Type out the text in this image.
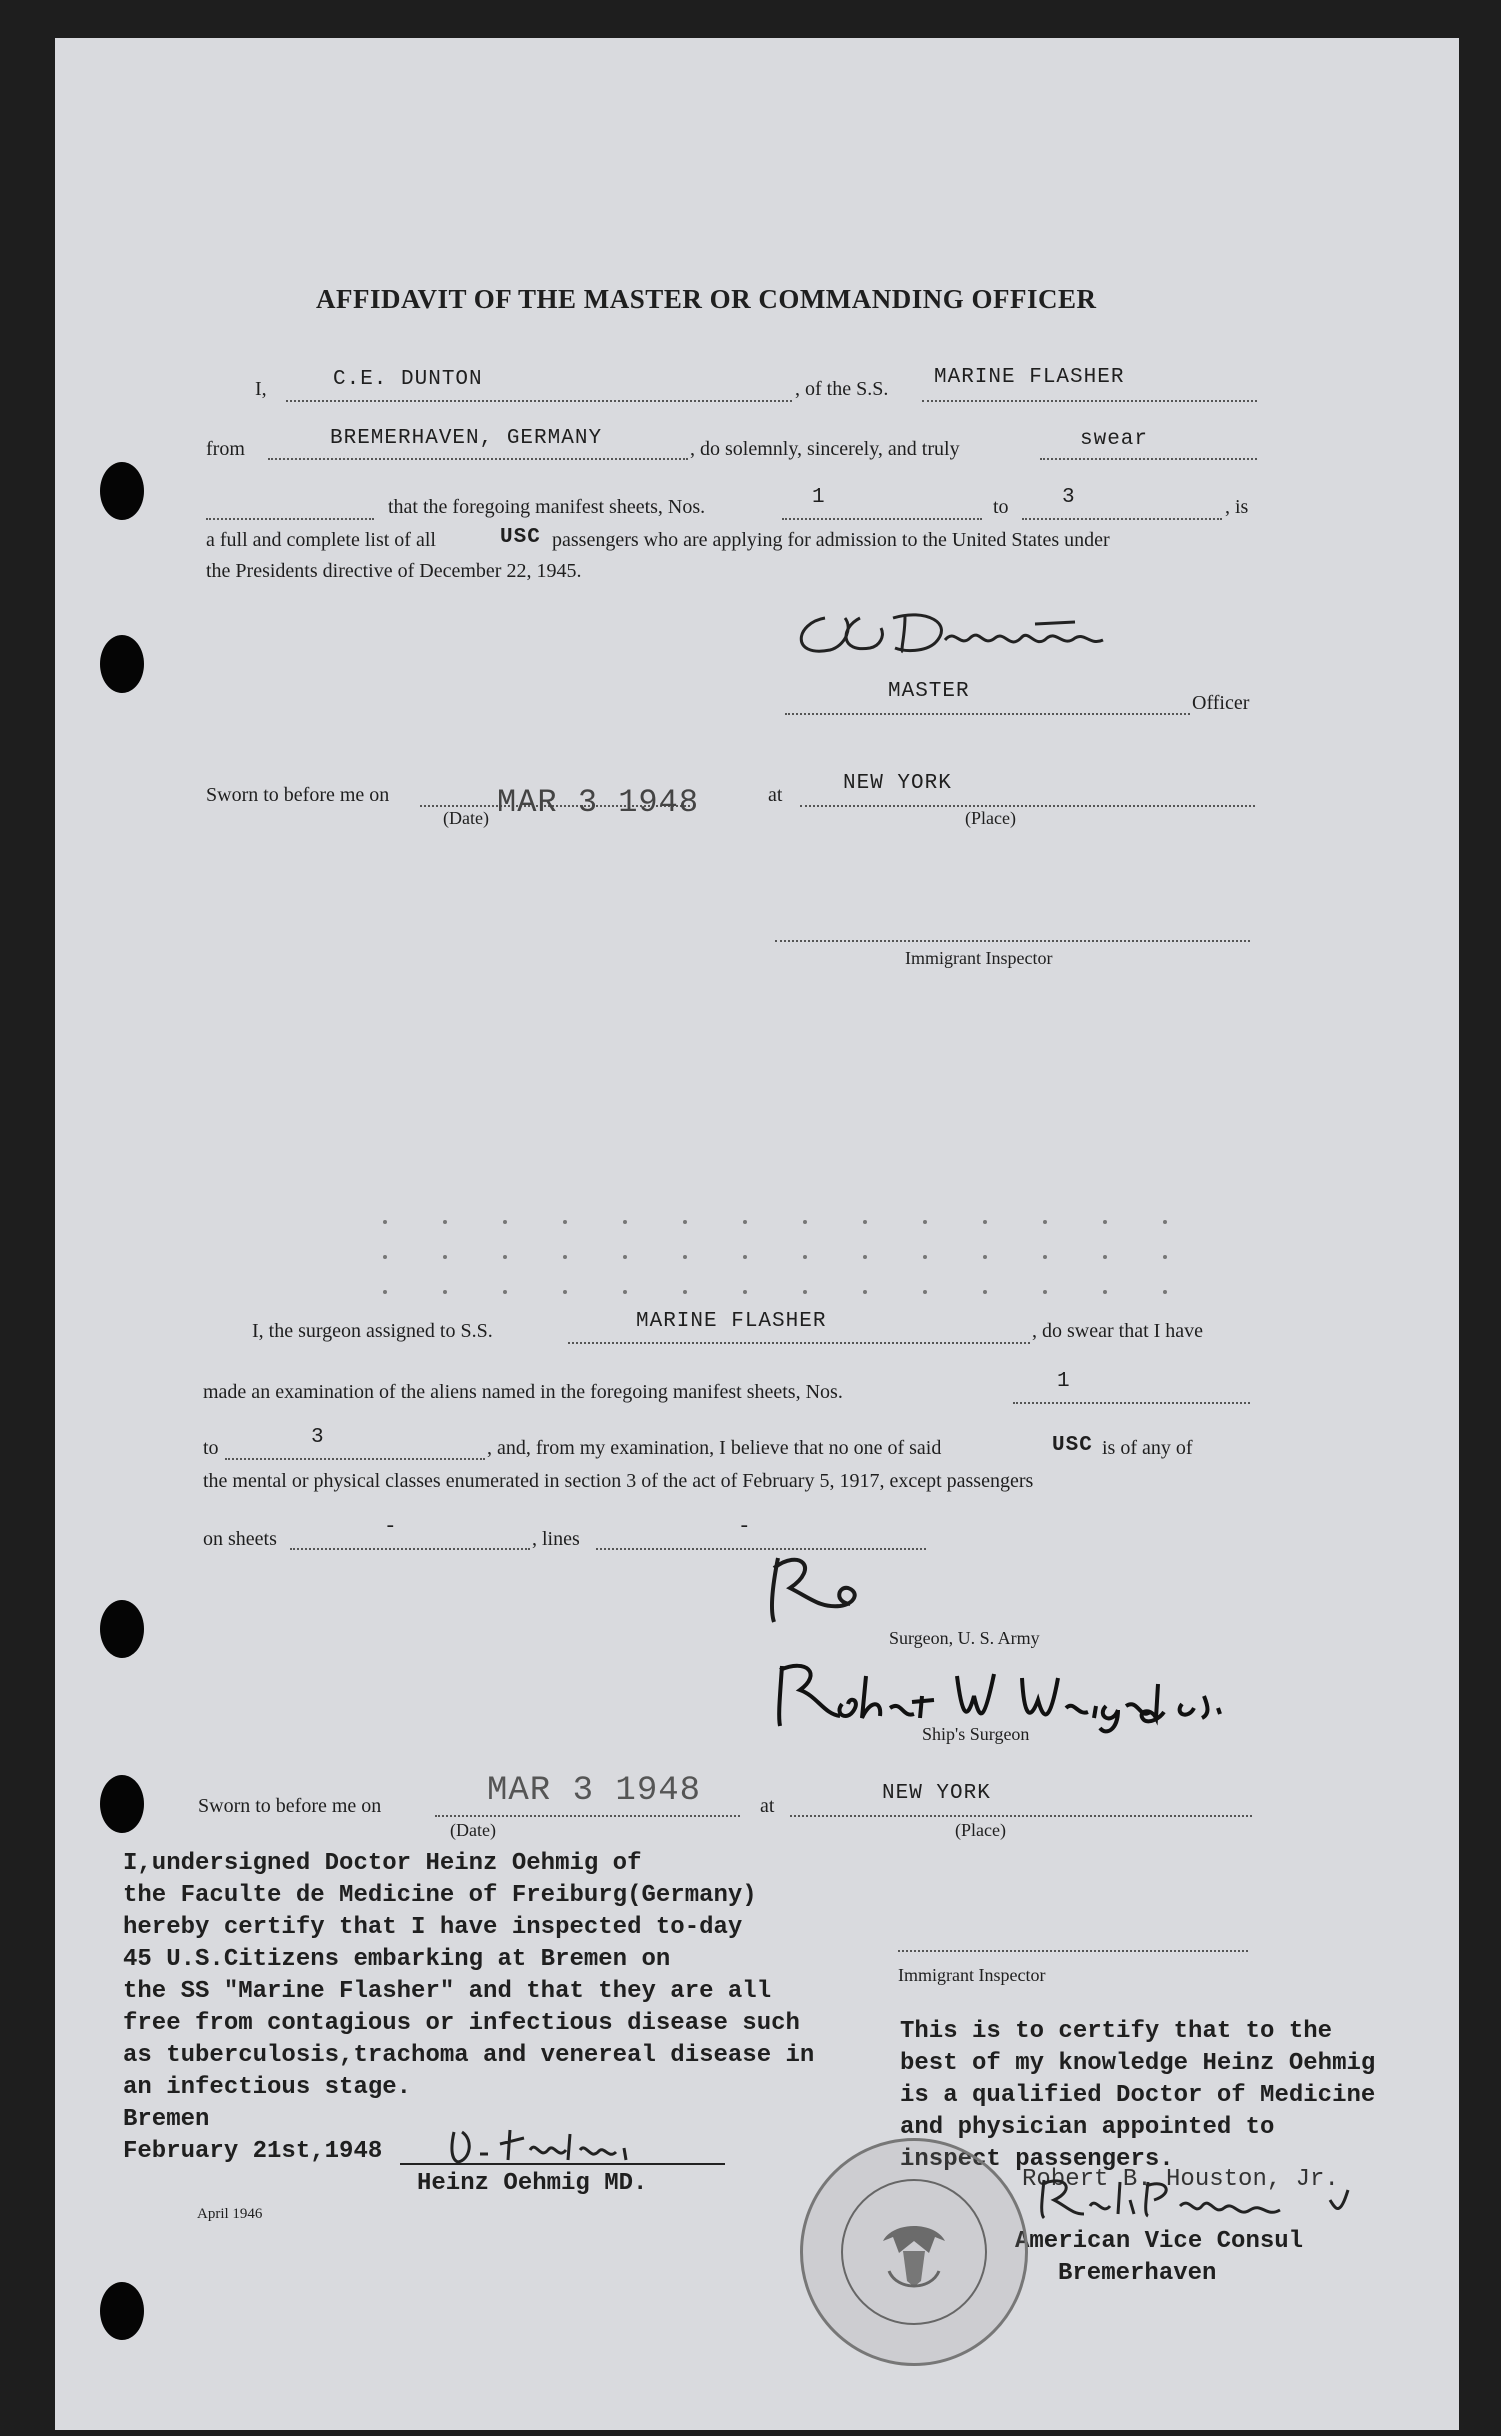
AFFIDAVIT OF THE MASTER OR COMMANDING OFFICER
I,	C.E. DUNTON	, of the S.S. MARINE FLASHER
from	BREMERHAVEN, GERMANY	, do solemnly, sincerely, and truly	swear
that the foregoing manifest sheets, Nos.	1	to	3	, is
a full and complete list of all	USC passengers who are applying for admission to the United States under
the Presidents directive of December 22, 1945.
MASTER	Officer
Sworn to before me on	MAR 3 1948
(Date)
at	NEW YORK
(Place)
Immigrant Inspector
I, the surgeon assigned to S.S.	MARINE FLASHER	, do swear that I have
made an examination of the aliens named in the foregoing manifest sheets, Nos.	1
to	3	, and, from my examination, I believe that no one of said	USC is of any of
the mental or physical classes enumerated in section 3 of the act of February 5, 1917, except passengers
on sheets	-	, lines	-
Surgeon, U. S. Army
Ship's Surgeon
Sworn to before me on	MAR 3 1948
(Date)
at
NEW YORK
(Place)
Immigrant Inspector
I,undersigned Doctor Heinz Oehmig of
the Faculte de Medicine of Freiburg(Germany)
hereby certify that I have inspected to-day
45 U.S.Citizens embarking at Bremen on
the SS "Marine Flasher" and that they are all
free from contagious or infectious disease such
as tuberculosis,trachoma and venereal disease in
an infectious stage.
Bremen
February 21st,1948
Heinz Oehmig MD.
April 1946
This is to certify that to the
best of my knowledge Heinz Oehmig
is a qualified Doctor of Medicine
and physician appointed to
inspect passengers.
Robert B. Houston, Jr.
American Vice Consul
Bremerhaven
